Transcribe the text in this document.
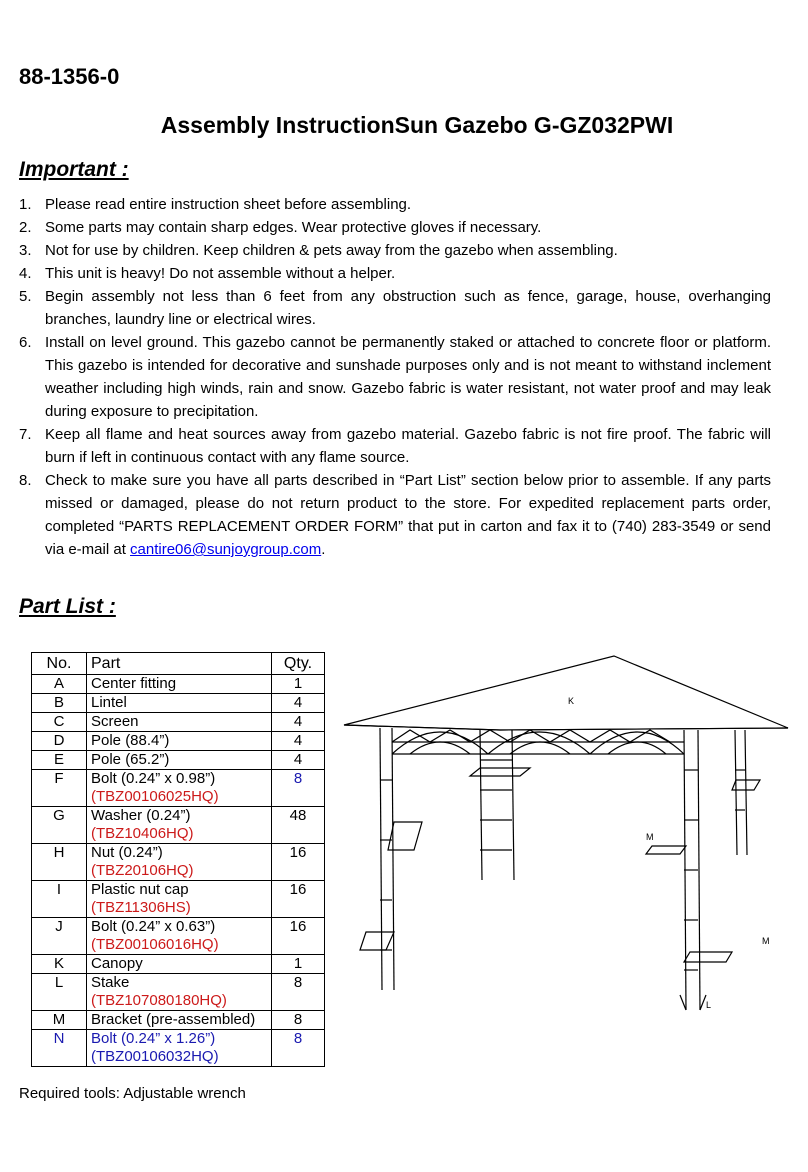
88-1356-0
Assembly InstructionSun Gazebo G-GZ032PWI
Important :
1. Please read entire instruction sheet before assembling.
2. Some parts may contain sharp edges. Wear protective gloves if necessary.
3. Not for use by children. Keep children & pets away from the gazebo when assembling.
4. This unit is heavy! Do not assemble without a helper.
5. Begin assembly not less than 6 feet from any obstruction such as fence, garage, house, overhanging branches, laundry line or electrical wires.
6. Install on level ground. This gazebo cannot be permanently staked or attached to concrete floor or platform. This gazebo is intended for decorative and sunshade purposes only and is not meant to withstand inclement weather including high winds, rain and snow. Gazebo fabric is water resistant, not water proof and may leak during exposure to precipitation.
7. Keep all flame and heat sources away from gazebo material. Gazebo fabric is not fire proof. The fabric will burn if left in continuous contact with any flame source.
8. Check to make sure you have all parts described in “Part List” section below prior to assemble. If any parts missed or damaged, please do not return product to the store. For expedited replacement parts order, completed “PARTS REPLACEMENT ORDER FORM” that put in carton and fax it to (740) 283-3549 or send via e-mail at cantire06@sunjoygroup.com.
Part List :
No.	Part	Qty.
A	Center fitting	1
B	Lintel	4
C	Screen	4
D	Pole (88.4”)	4
E	Pole (65.2”)	4
F	Bolt (0.24” x 0.98”)
(TBZ00106025HQ)	8
G	Washer (0.24”)
(TBZ10406HQ)	48
H	Nut (0.24”)
(TBZ20106HQ)	16
I	Plastic nut cap
(TBZ11306HS)	16
J	Bolt (0.24” x 0.63”)
(TBZ00106016HQ)	16
K	Canopy	1
L	Stake
(TBZ107080180HQ)	8
M	Bracket (pre-assembled)	8
N	Bolt (0.24” x 1.26”)
(TBZ00106032HQ)	8
K
M
M
L
Required tools: Adjustable wrench
